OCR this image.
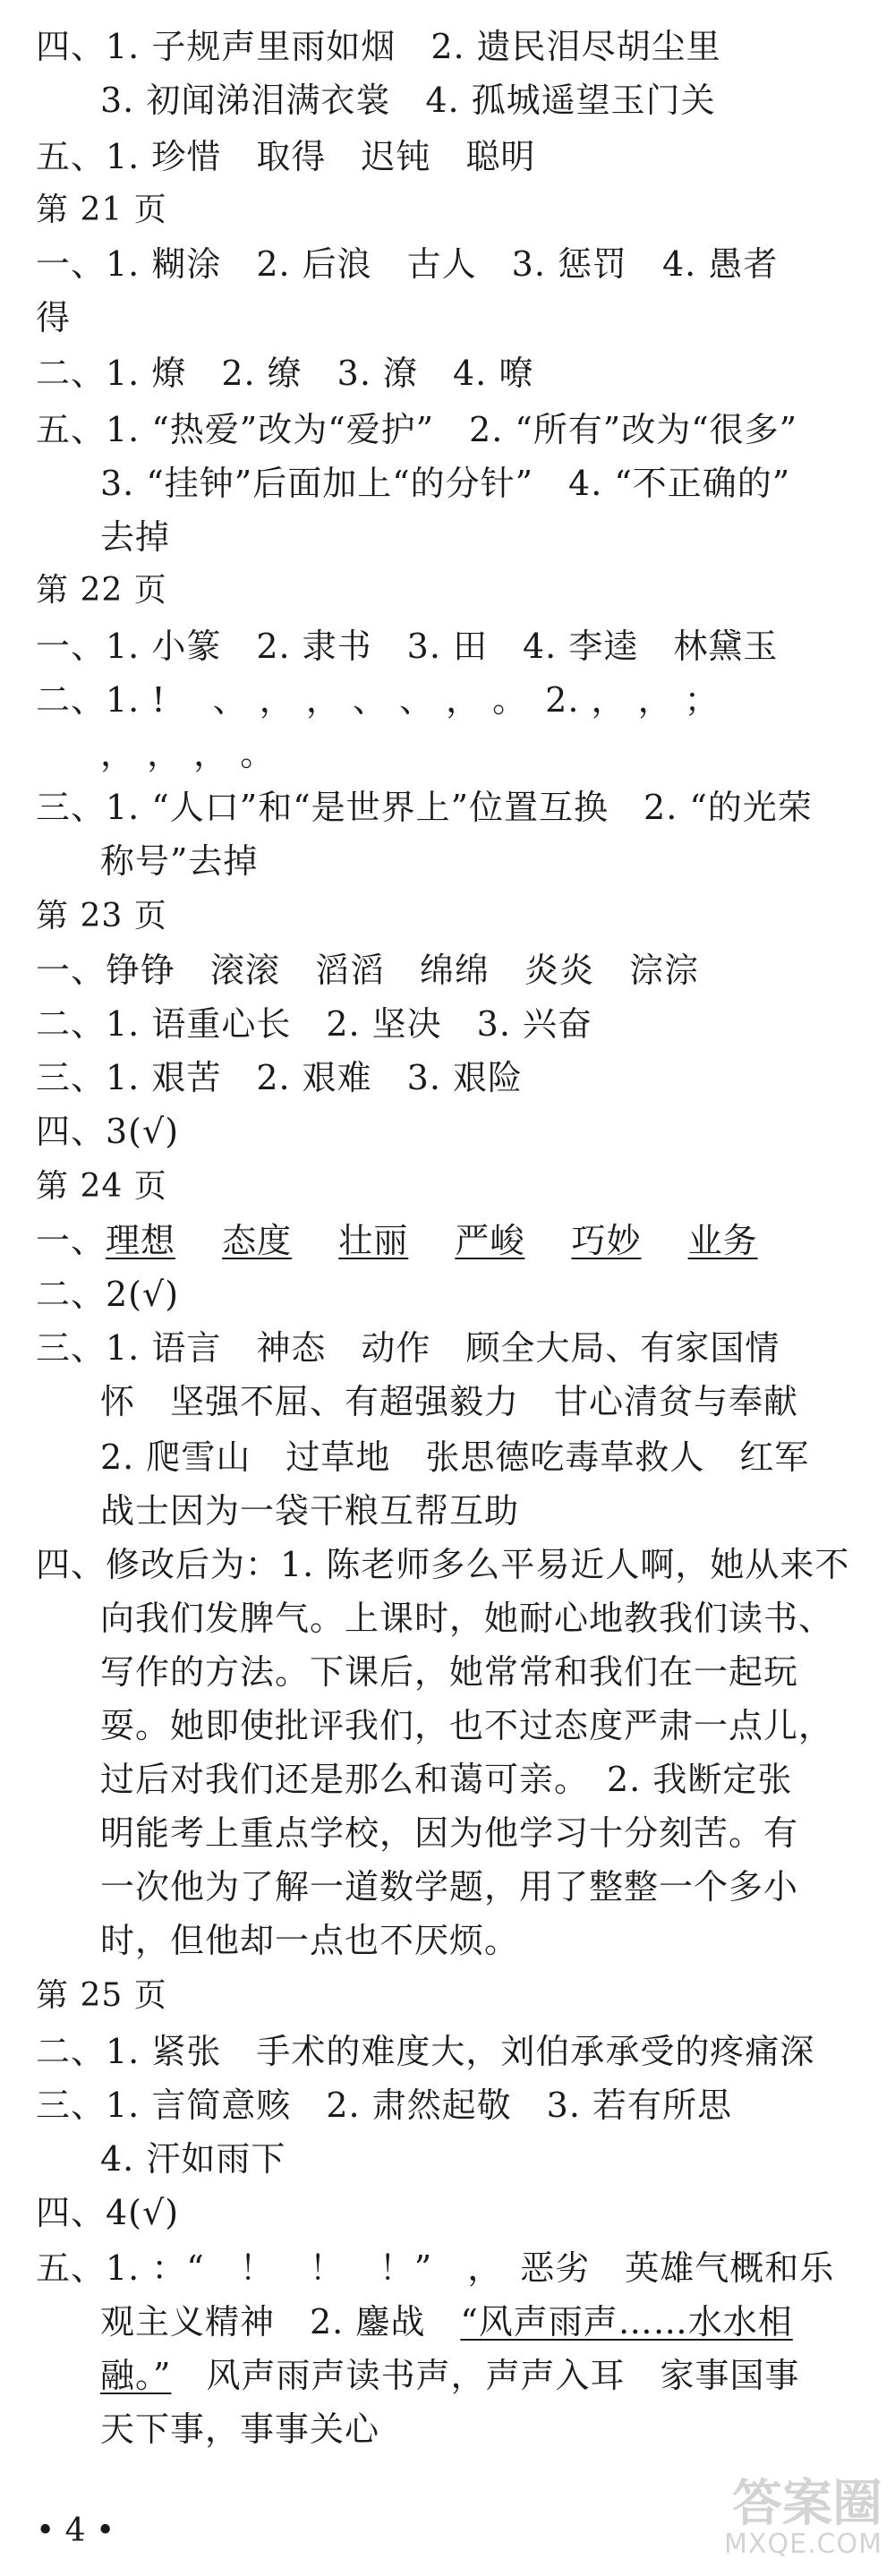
四、1. 子规声里雨如烟　2. 遗民泪尽胡尘里
3. 初闻涕泪满衣裳　4. 孤城遥望玉门关
五、1. 珍惜　取得　迟钝　聪明
第 21 页
一、1. 糊涂　2. 后浪　古人　3. 惩罚　4. 愚者
得
二、1. 燎　2. 缭　3. 潦　4. 嘹
五、1. “热爱”改为“爱护”　2. “所有”改为“很多”
3. “挂钟”后面加上“的分针”　4. “不正确的”
去掉
第 22 页
一、1. 小篆　2. 隶书　3. 田　4. 李逵　林黛玉
二、1. !　 、 ， ， 、 、 ， 。　2. ， ， ；
， ， ， 。
三、1. “人口”和“是世界上”位置互换　2. “的光荣
称号”去掉
第 23 页
一、铮铮　滚滚　滔滔　绵绵　炎炎　淙淙
二、1. 语重心长　2. 坚决　3. 兴奋
三、1. 艰苦　2. 艰难　3. 艰险
四、3(√)
第 24 页
一、理想　 态度　 壮丽　 严峻　 巧妙　 业务
二、2(√)
三、1. 语言　神态　动作　顾全大局、有家国情
怀　坚强不屈、有超强毅力　甘心清贫与奉献
2. 爬雪山　过草地　张思德吃毒草救人　红军
战士因为一袋干粮互帮互助
四、修改后为：1. 陈老师多么平易近人啊，她从来不
向我们发脾气。上课时，她耐心地教我们读书、
写作的方法。下课后，她常常和我们在一起玩
耍。她即使批评我们，也不过态度严肃一点儿，
过后对我们还是那么和蔼可亲。　2. 我断定张
明能考上重点学校，因为他学习十分刻苦。有
一次他为了解一道数学题，用了整整一个多小
时，但他却一点也不厌烦。
第 25 页
二、1. 紧张　手术的难度大，刘伯承承受的疼痛深
三、1. 言简意赅　2. 肃然起敬　3. 若有所思
4. 汗如雨下
四、4(√)
五、1. ：“　！　！　！”　，　恶劣　英雄气概和乐
观主义精神　2. 鏖战　 “风声雨声……水水相
融。”　 风声雨声读书声，声声入耳　家事国事
天下事，事事关心
• 4 •	答案圈
MXQE.COM
